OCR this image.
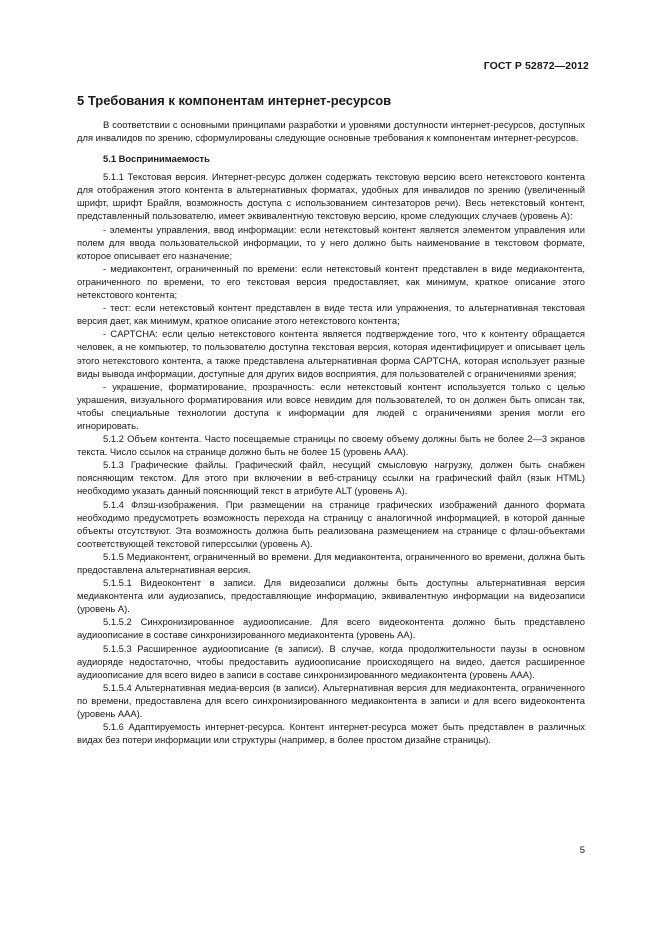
ГОСТ Р 52872—2012
5 Требования к компонентам интернет-ресурсов

В соответствии с основными принципами разработки и уровнями доступности интернет-ресурсов, доступных для инвалидов по зрению, сформулированы следующие основные требования к компонентам интернет-ресурсов.

5.1 Воспринимаемость

5.1.1 Текстовая версия. Интернет-ресурс должен содержать текстовую версию всего нетекстового контента для отображения этого контента в альтернативных форматах, удобных для инвалидов по зрению (увеличенный шрифт, шрифт Брайля, возможность доступа с использованием синтезаторов речи). Весь нетекстовый контент, представленный пользователю, имеет эквивалентную текстовую версию, кроме следующих случаев (уровень А):

- элементы управления, ввод информации: если нетекстовый контент является элементом управления или полем для ввода пользовательской информации, то у него должно быть наименование в текстовом формате, которое описывает его назначение;

- медиаконтент, ограниченный по времени: если нетекстовый контент представлен в виде медиаконтента, ограниченного по времени, то его текстовая версия предоставляет, как минимум, краткое описание этого нетекстового контента;

- тест: если нетекстовый контент представлен в виде теста или упражнения, то альтернативная текстовая версия дает, как минимум, краткое описание этого нетекстового контента;

- CAPTCHA: если целью нетекстового контента является подтверждение того, что к контенту обращается человек, а не компьютер, то пользователю доступна текстовая версия, которая идентифицирует и описывает цель этого нетекстового контента, а также представлена альтернативная форма CAPTCHA, которая использует разные виды вывода информации, доступные для других видов восприятия, для пользователей с ограничениями зрения;

- украшение, форматирование, прозрачность: если нетекстовый контент используется только с целью украшения, визуального форматирования или вовсе невидим для пользователей, то он должен быть описан так, чтобы специальные технологии доступа к информации для людей с ограничениями зрения могли его игнорировать.

5.1.2 Объем контента. Часто посещаемые страницы по своему объему должны быть не более 2—3 экранов текста. Число ссылок на странице должно быть не более 15 (уровень ААА).

5.1.3 Графические файлы. Графический файл, несущий смысловую нагрузку, должен быть снабжен поясняющим текстом. Для этого при включении в веб-страницу ссылки на графический файл (язык HTML) необходимо указать данный поясняющий текст в атрибуте ALT (уровень А).

5.1.4 Флэш-изображения. При размещении на странице графических изображений данного формата необходимо предусмотреть возможность перехода на страницу с аналогичной информацией, в которой данные объекты отсутствуют. Эта возможность должна быть реализована размещением на странице с флэш-объектами соответствующей текстовой гиперссылки (уровень А).

5.1.5 Медиаконтент, ограниченный во времени. Для медиаконтента, ограниченного во времени, должна быть предоставлена альтернативная версия.

5.1.5.1 Видеоконтент в записи. Для видеозаписи должны быть доступны альтернативная версия медиаконтента или аудиозапись, предоставляющие информацию, эквивалентную информации на видеозаписи (уровень А).

5.1.5.2 Синхронизированное аудиоописание. Для всего видеоконтента должно быть представлено аудиоописание в составе синхронизированного медиаконтента (уровень АА).

5.1.5.3 Расширенное аудиоописание (в записи). В случае, когда продолжительности паузы в основном аудиоряде недостаточно, чтобы предоставить аудиоописание происходящего на видео, дается расширенное аудиоописание для всего видео в записи в составе синхронизированного медиаконтента (уровень ААА).

5.1.5.4 Альтернативная медиа-версия (в записи). Альтернативная версия для медиаконтента, ограниченного по времени, предоставлена для всего синхронизированного медиаконтента в записи и для всего видеоконтента (уровень ААА).

5.1.6 Адаптируемость интернет-ресурса. Контент интернет-ресурса может быть представлен в различных видах без потери информации или структуры (например, в более простом дизайне страницы).

5
